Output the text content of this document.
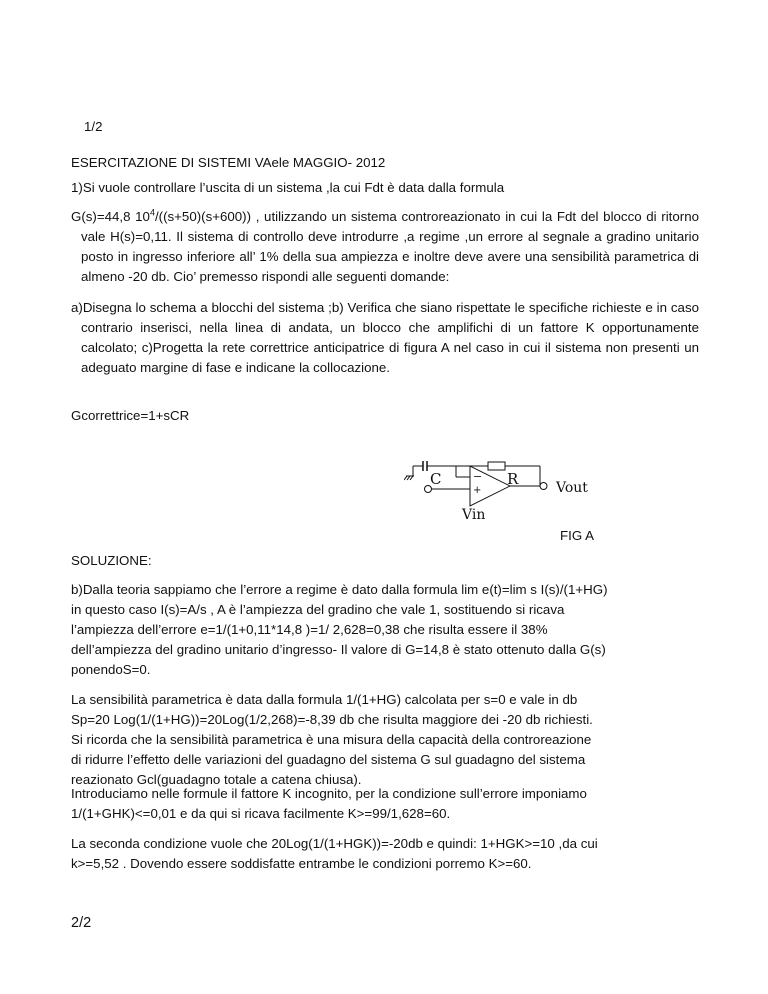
1/2

ESERCITAZIONE DI SISTEMI VAele MAGGIO- 2012

1)Si vuole controllare l’uscita di un sistema ,la cui Fdt è data dalla formula

G(s)=44,8 $10^4/((s+50)(s+600))$ , utilizzando un sistema controreazionato in cui la Fdt del blocco di ritorno vale H(s)=0,11. Il sistema di controllo deve introdurre ,a regime ,un errore al segnale a gradino unitario posto in ingresso inferiore all’ 1% della sua ampiezza e inoltre deve avere una sensibilità parametrica di almeno -20 db. Cio’ premesso rispondi alle seguenti domande:

a)Disegna lo schema a blocchi del sistema ;b) Verifica che siano rispettate le specifiche richieste e in caso contrario inserisci, nella linea di andata, un blocco che amplifichi di un fattore K opportunamente calcolato; c)Progetta la rete correttrice anticipatrice di figura A nel caso in cui il sistema non presenti un adeguato margine di fase e indicane la collocazione.

Gcorrettrice=1+sCR

C	R
−
+	Vout
Vin

FIG A

SOLUZIONE:

b)Dalla teoria sappiamo che l’errore a regime è dato dalla formula lim e(t)=lim s I(s)/(1+HG)
in questo caso I(s)=A/s , A è l’ampiezza del gradino che vale 1, sostituendo si ricava
l’ampiezza dell’errore e=1/(1+0,11*14,8 )=1/ 2,628=0,38 che risulta essere il 38%
dell’ampiezza del gradino unitario d’ingresso- Il valore di G=14,8 è stato ottenuto dalla G(s)
ponendoS=0.
La sensibilità parametrica è data dalla formula 1/(1+HG) calcolata per s=0 e vale in db
Sp=20 Log(1/(1+HG))=20Log(1/2,268)=-8,39 db che risulta maggiore dei -20 db richiesti.
Si ricorda che la sensibilità parametrica è una misura della capacità della controreazione
di ridurre l’effetto delle variazioni del guadagno del sistema G sul guadagno del sistema
reazionato Gcl(guadagno totale a catena chiusa).
Introduciamo nelle formule il fattore K incognito, per la condizione sull’errore imponiamo
1/(1+GHK)<=0,01 e da qui si ricava facilmente K>=99/1,628=60.
La seconda condizione vuole che 20Log(1/(1+HGK))=-20db e quindi: 1+HGK>=10 ,da cui
k>=5,52 . Dovendo essere soddisfatte entrambe le condizioni porremo K>=60.

2/2
